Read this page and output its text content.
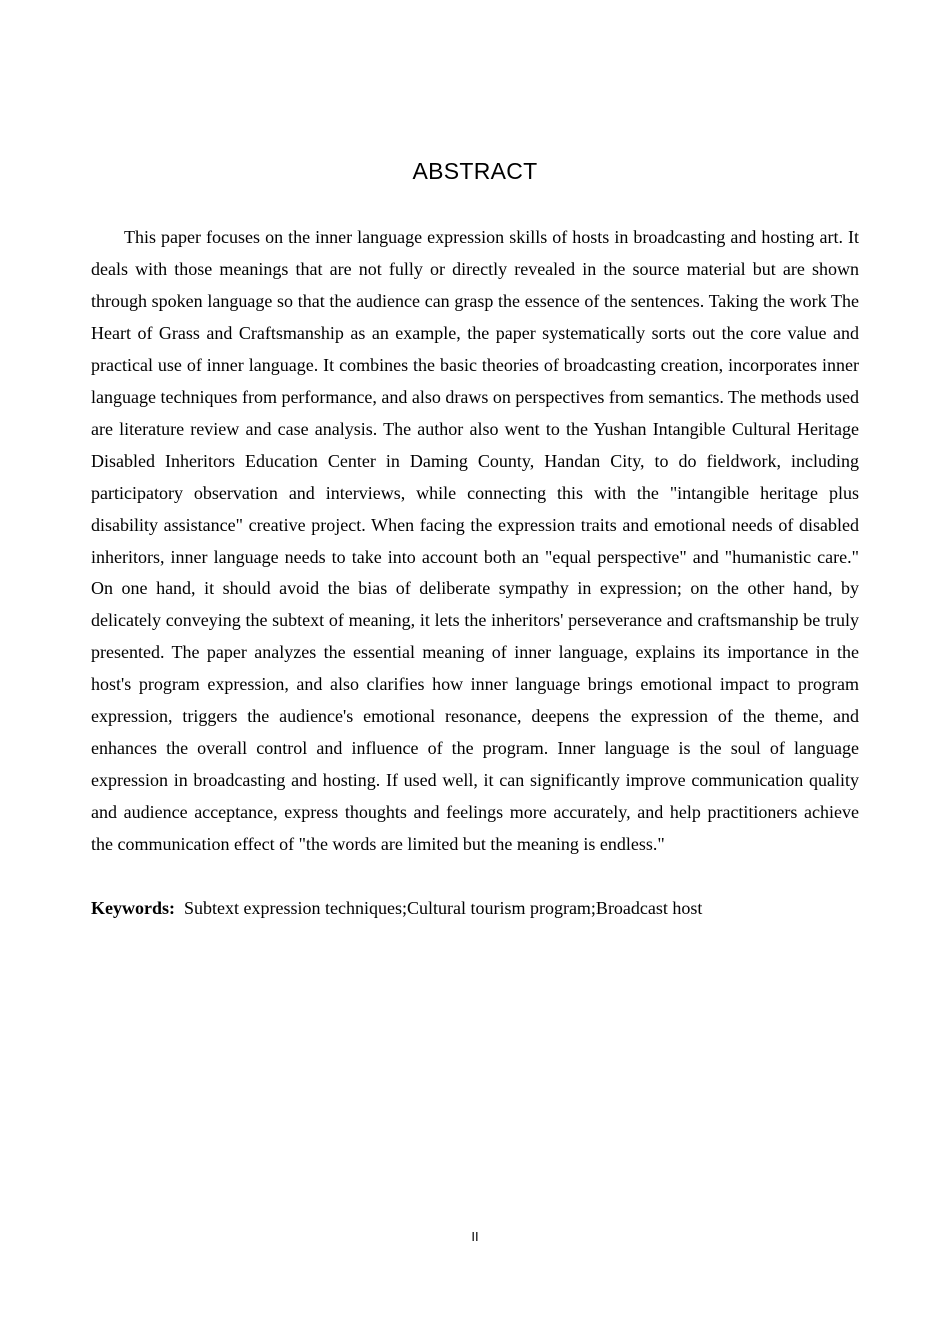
ABSTRACT

This paper focuses on the inner language expression skills of hosts in broadcasting and hosting art. It deals with those meanings that are not fully or directly revealed in the source material but are shown through spoken language so that the audience can grasp the essence of the sentences. Taking the work The Heart of Grass and Craftsmanship as an example, the paper systematically sorts out the core value and practical use of inner language. It combines the basic theories of broadcasting creation, incorporates inner language techniques from performance, and also draws on perspectives from semantics. The methods used are literature review and case analysis. The author also went to the Yushan Intangible Cultural Heritage Disabled Inheritors Education Center in Daming County, Handan City, to do fieldwork, including participatory observation and interviews, while connecting this with the "intangible heritage plus disability assistance" creative project. When facing the expression traits and emotional needs of disabled inheritors, inner language needs to take into account both an "equal perspective" and "humanistic care." On one hand, it should avoid the bias of deliberate sympathy in expression; on the other hand, by delicately conveying the subtext of meaning, it lets the inheritors' perseverance and craftsmanship be truly presented. The paper analyzes the essential meaning of inner language, explains its importance in the host's program expression, and also clarifies how inner language brings emotional impact to program expression, triggers the audience's emotional resonance, deepens the expression of the theme, and enhances the overall control and influence of the program. Inner language is the soul of language expression in broadcasting and hosting. If used well, it can significantly improve communication quality and audience acceptance, express thoughts and feelings more accurately, and help practitioners achieve the communication effect of "the words are limited but the meaning is endless."

Keywords: Subtext expression techniques;Cultural tourism program;Broadcast host

II
